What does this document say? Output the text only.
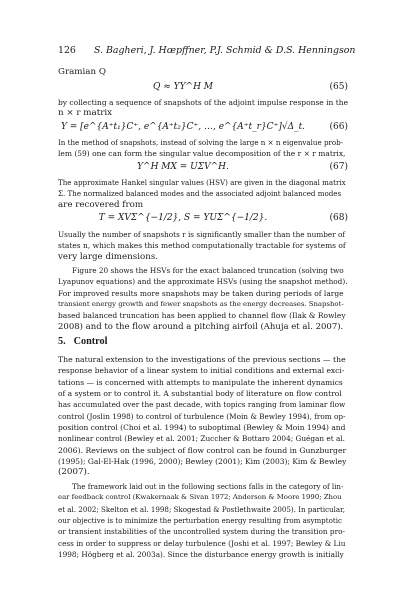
126 S. Bagheri, J. Hœpffner, P.J. Schmid & D.S. Henningson
Gramian Q
Q ≈ YY^H M	(65)
by collecting a sequence of snapshots of the adjoint impulse response in the
n × r matrix
Y = [e^{A⁺t₁}C⁺, e^{A⁺t₂}C⁺, …, e^{A⁺t_r}C⁺]√Δ_t.	(66)
In the method of snapshots, instead of solving the large n × n eigenvalue prob-
lem (59) one can form the singular value decomposition of the r × r matrix,
Y^H MX = UΣV^H.	(67)
The approximate Hankel singular values (HSV) are given in the diagonal matrix
Σ. The normalized balanced modes and the associated adjoint balanced modes
are recovered from
T = XVΣ^{−1/2}, S = YUΣ^{−1/2}.	(68)
Usually the number of snapshots r is significantly smaller than the number of
states n, which makes this method computationally tractable for systems of
very large dimensions.
Figure 20 shows the HSVs for the exact balanced truncation (solving two
Lyapunov equations) and the approximate HSVs (using the snapshot method).
For improved results more snapshots may be taken during periods of large
transient energy growth and fewer snapshots as the energy decreases. Snapshot-
based balanced truncation has been applied to channel flow (Ilak & Rowley
2008) and to the flow around a pitching airfoil (Ahuja et al. 2007).
5. Control
The natural extension to the investigations of the previous sections — the
response behavior of a linear system to initial conditions and external exci-
tations — is concerned with attempts to manipulate the inherent dynamics
of a system or to control it. A substantial body of literature on flow control
has accumulated over the past decade, with topics ranging from laminar flow
control (Joslin 1998) to control of turbulence (Moin & Bewley 1994), from op-
position control (Choi et al. 1994) to suboptimal (Bewley & Moin 1994) and
nonlinear control (Bewley et al. 2001; Zuccher & Bottaro 2004; Guégan et al.
2006). Reviews on the subject of flow control can be found in Gunzburger
(1995); Gal-El-Hak (1996, 2000); Bewley (2001); Kim (2003); Kim & Bewley
(2007).
The framework laid out in the following sections falls in the category of lin-
ear feedback control (Kwakernaak & Sivan 1972; Anderson & Moore 1990; Zhou
et al. 2002; Skelton et al. 1998; Skogestad & Postlethwaite 2005). In particular,
our objective is to minimize the perturbation energy resulting from asymptotic
or transient instabilities of the uncontrolled system during the transition pro-
cess in order to suppress or delay turbulence (Joshi et al. 1997; Bewley & Liu
1998; Högberg et al. 2003a). Since the disturbance energy growth is initially
